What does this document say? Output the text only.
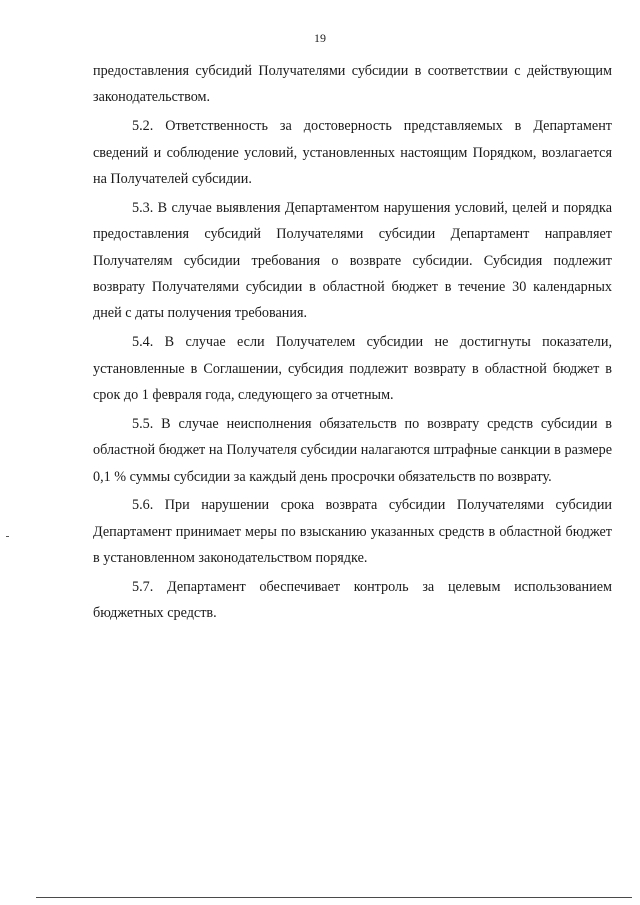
19

предоставления субсидий Получателями субсидии в соответствии с действующим законодательством.

5.2. Ответственность за достоверность представляемых в Департамент сведений и соблюдение условий, установленных настоящим Порядком, возлагается на Получателей субсидии.

5.3. В случае выявления Департаментом нарушения условий, целей и порядка предоставления субсидий Получателями субсидии Департамент направляет Получателям субсидии требования о возврате субсидии. Субсидия подлежит возврату Получателями субсидии в областной бюджет в течение 30 календарных дней с даты получения требования.

5.4. В случае если Получателем субсидии не достигнуты показатели, установленные в Соглашении, субсидия подлежит возврату в областной бюджет в срок до 1 февраля года, следующего за отчетным.

5.5. В случае неисполнения обязательств по возврату средств субсидии в областной бюджет на Получателя субсидии налагаются штрафные санкции в размере 0,1 % суммы субсидии за каждый день просрочки обязательств по возврату.

5.6. При нарушении срока возврата субсидии Получателями субсидии Департамент принимает меры по взысканию указанных средств в областной бюджет в установленном законодательством порядке.

5.7. Департамент обеспечивает контроль за целевым использованием бюджетных средств.
